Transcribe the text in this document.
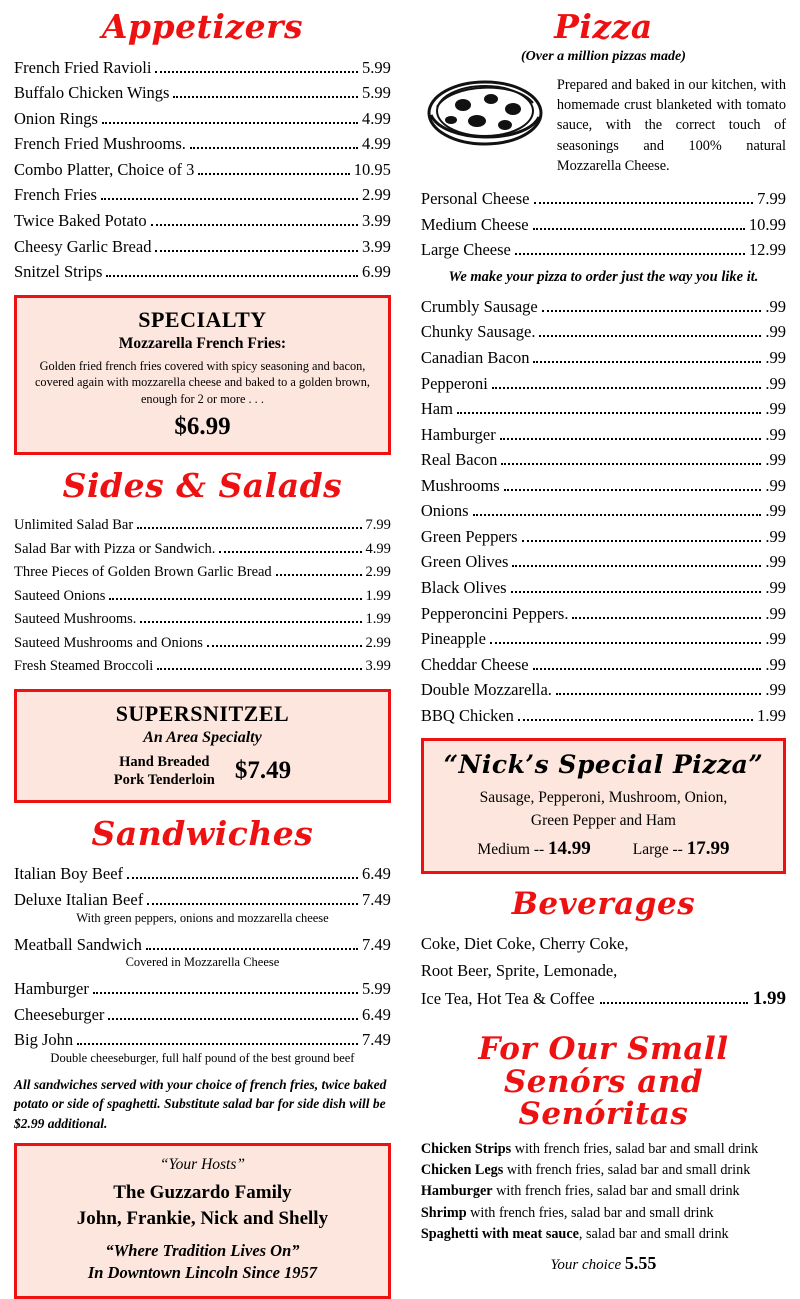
Appetizers
French Fried Ravioli	5.99
Buffalo Chicken Wings	5.99
Onion Rings	4.99
French Fried Mushrooms.	4.99
Combo Platter, Choice of 3	10.95
French Fries	2.99
Twice Baked Potato	3.99
Cheesy Garlic Bread	3.99
Snitzel Strips	6.99
SPECIALTY
Mozzarella French Fries:
Golden fried french fries covered with spicy seasoning and bacon, covered again with mozzarella cheese and baked to a golden brown, enough for 2 or more . . .
$6.99
Sides & Salads
Unlimited Salad Bar	7.99
Salad Bar with Pizza or Sandwich.	4.99
Three Pieces of Golden Brown Garlic Bread	2.99
Sauteed Onions	1.99
Sauteed Mushrooms.	1.99
Sauteed Mushrooms and Onions	2.99
Fresh Steamed Broccoli	3.99
SUPERSNITZEL
An Area Specialty
Hand Breaded
Pork Tenderloin $7.49
Sandwiches
Italian Boy Beef	6.49
Deluxe Italian Beef	7.49
With green peppers, onions and mozzarella cheese
Meatball Sandwich	7.49
Covered in Mozzarella Cheese
Hamburger	5.99
Cheeseburger	6.49
Big John	7.49
Double cheeseburger, full half pound of the best ground beef
All sandwiches served with your choice of french fries, twice baked potato or side of spaghetti. Substitute salad bar for side dish will be $2.99 additional.
“Your Hosts”
The Guzzardo Family
John, Frankie, Nick and Shelly
“Where Tradition Lives On”
In Downtown Lincoln Since 1957
Pizza
(Over a million pizzas made)
Prepared and baked in our kitchen, with homemade crust blanketed with tomato sauce, with the correct touch of seasonings and 100% natural Mozzarella Cheese.
Personal Cheese	7.99
Medium Cheese	10.99
Large Cheese	12.99
We make your pizza to order just the way you like it.
Crumbly Sausage	.99
Chunky Sausage.	.99
Canadian Bacon	.99
Pepperoni	.99
Ham	.99
Hamburger	.99
Real Bacon	.99
Mushrooms	.99
Onions	.99
Green Peppers	.99
Green Olives	.99
Black Olives	.99
Pepperoncini Peppers.	.99
Pineapple	.99
Cheddar Cheese	.99
Double Mozzarella.	.99
BBQ Chicken	1.99
“Nick’s Special Pizza”
Sausage, Pepperoni, Mushroom, Onion,
Green Pepper and Ham
Medium -- 14.99	Large -- 17.99
Beverages
Coke, Diet Coke, Cherry Coke,
Root Beer, Sprite, Lemonade,
Ice Tea, Hot Tea & Coffee	1.99
For Our Small
Senórs and Senóritas
Chicken Strips with french fries, salad bar and small drink
Chicken Legs with french fries, salad bar and small drink
Hamburger with french fries, salad bar and small drink
Shrimp with french fries, salad bar and small drink
Spaghetti with meat sauce, salad bar and small drink
Your choice 5.55
